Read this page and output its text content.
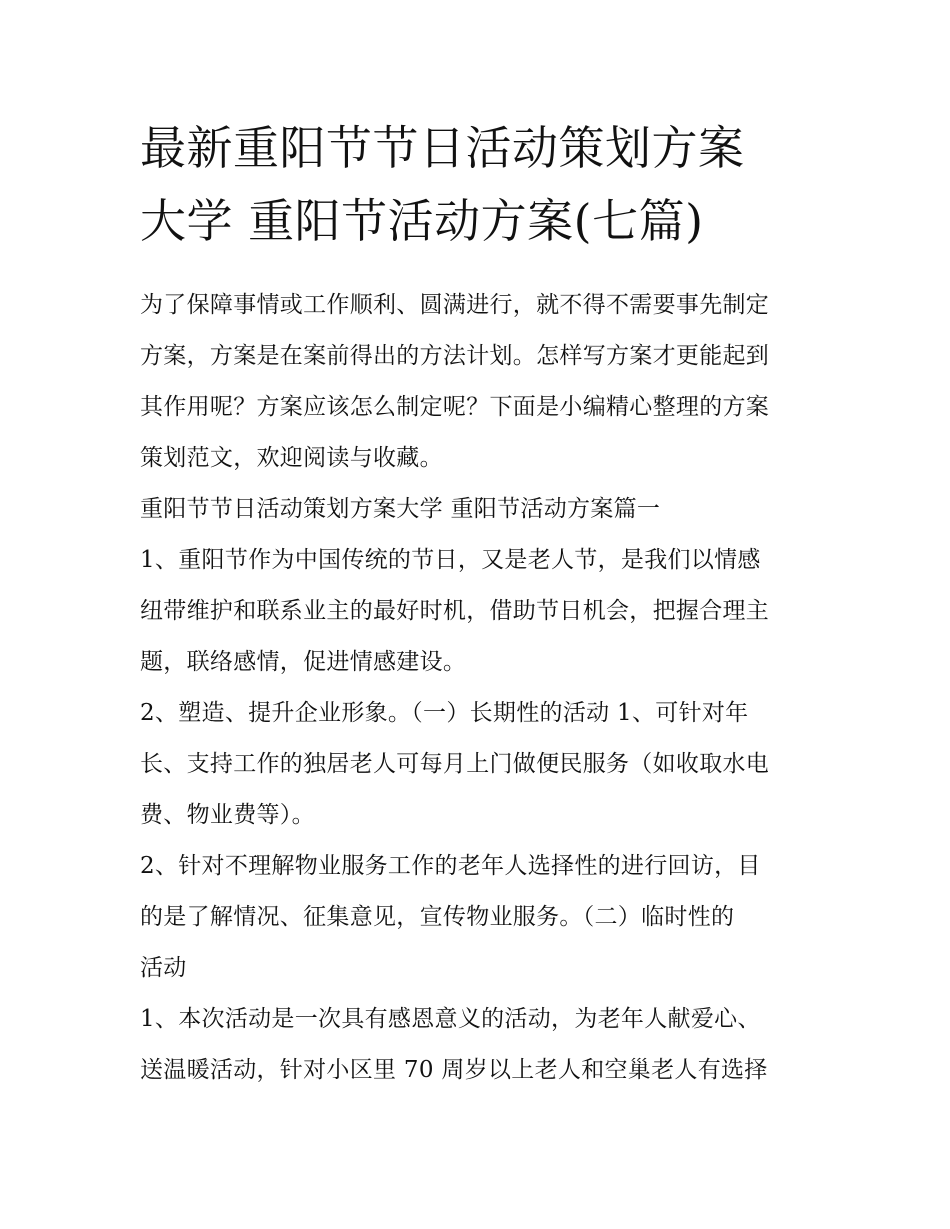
最新重阳节节日活动策划方案
大学 重阳节活动方案(七篇)

为了保障事情或工作顺利、圆满进行，就不得不需要事先制定
方案，方案是在案前得出的方法计划。怎样写方案才更能起到
其作用呢？方案应该怎么制定呢？下面是小编精心整理的方案
策划范文，欢迎阅读与收藏。

重阳节节日活动策划方案大学 重阳节活动方案篇一

1、重阳节作为中国传统的节日，又是老人节，是我们以情感
纽带维护和联系业主的最好时机，借助节日机会，把握合理主
题，联络感情，促进情感建设。

2、塑造、提升企业形象。（一）长期性的活动 1、可针对年
长、支持工作的独居老人可每月上门做便民服务（如收取水电
费、物业费等）。

2、针对不理解物业服务工作的老年人选择性的进行回访，目
的是了解情况、征集意见，宣传物业服务。（二）临时性的
活动

1、本次活动是一次具有感恩意义的活动，为老年人献爱心、
送温暖活动，针对小区里 70 周岁以上老人和空巢老人有选择
